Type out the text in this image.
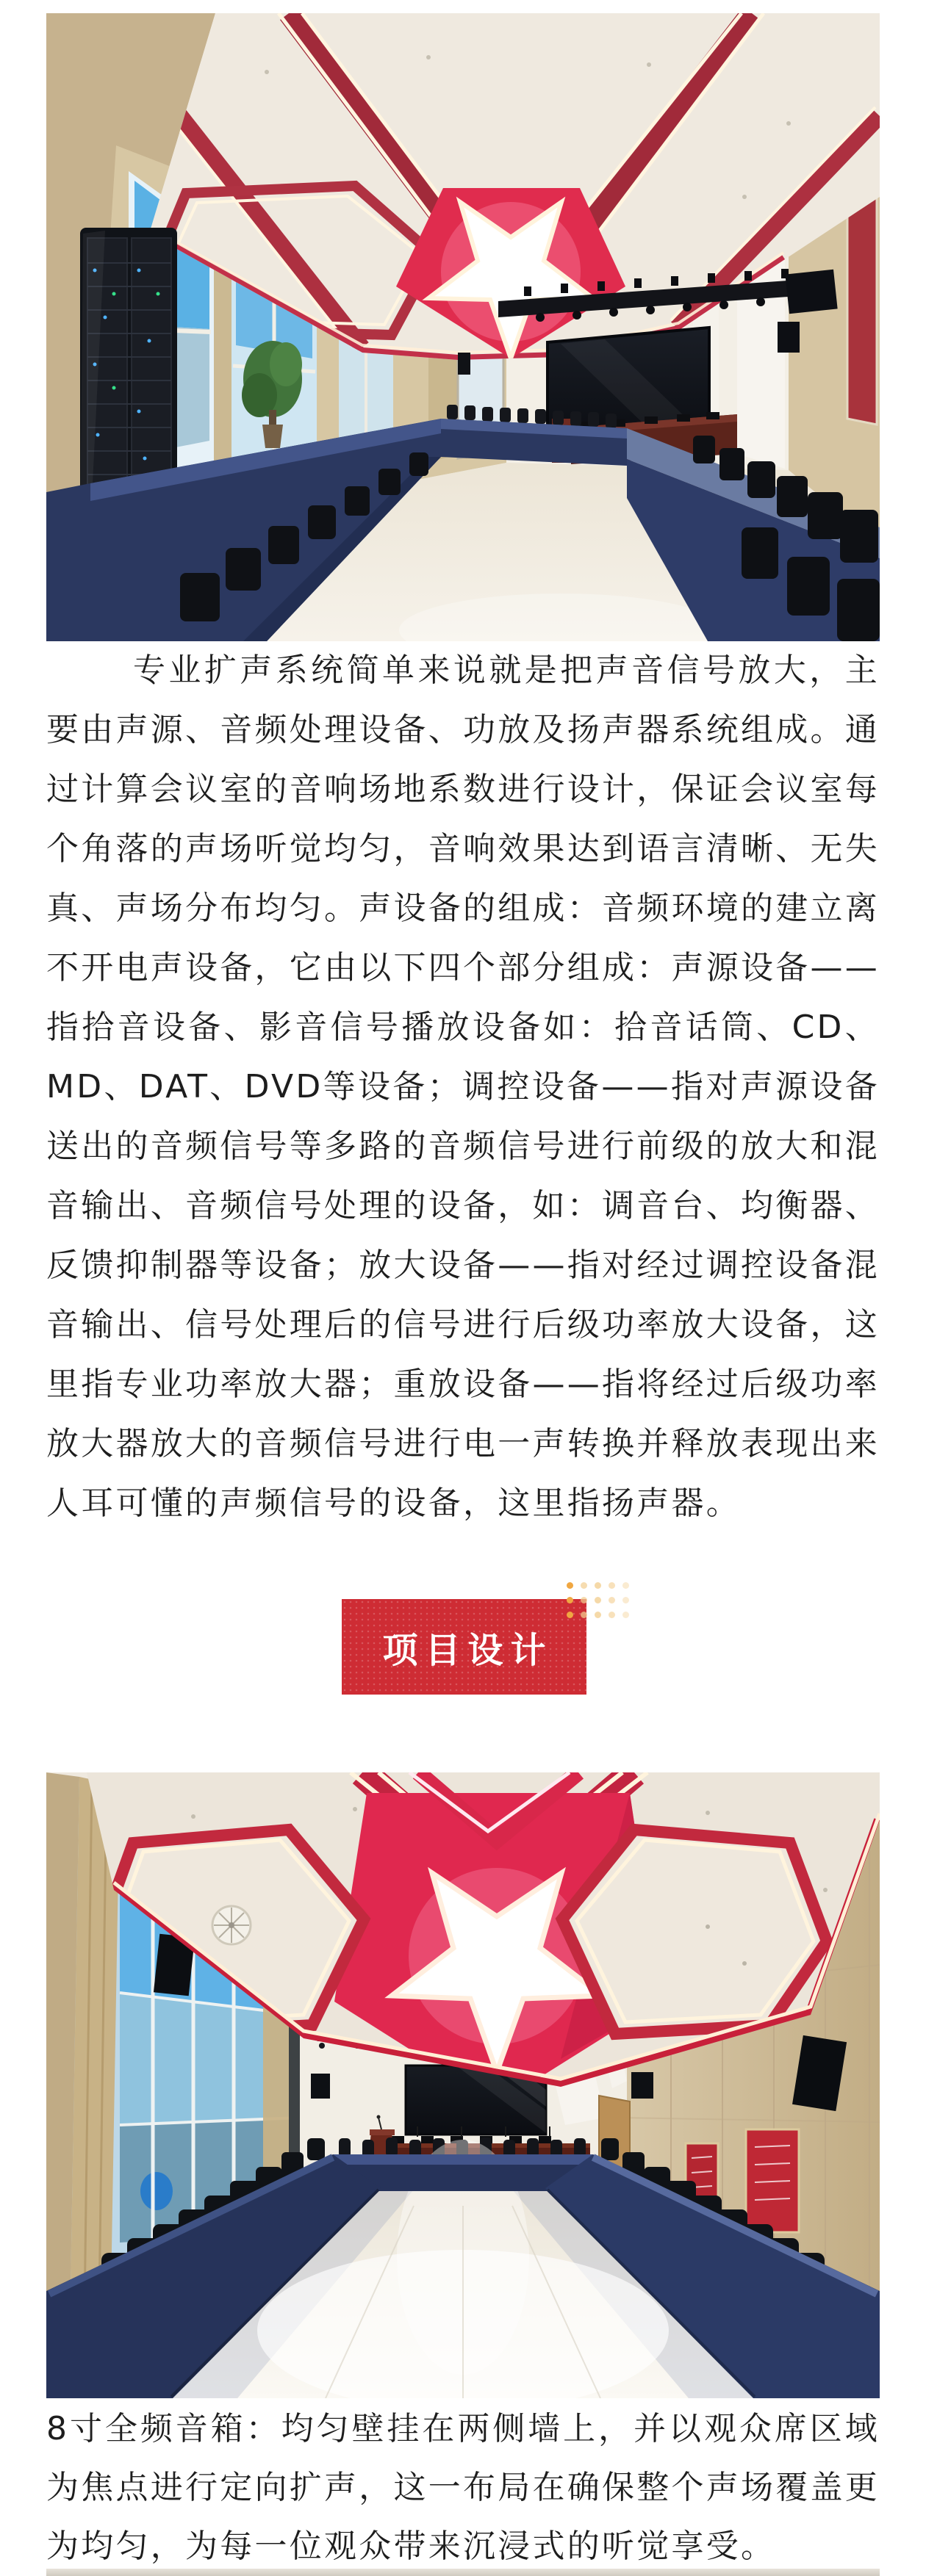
专业扩声系统简单来说就是把声音信号放大，主要由声源、音频处理设备、功放及扬声器系统组成。通过计算会议室的音响场地系数进行设计，保证会议室每个角落的声场听觉均匀，音响效果达到语言清晰、无失真、声场分布均匀。声设备的组成：音频环境的建立离不开电声设备，它由以下四个部分组成：声源设备——指拾音设备、影音信号播放设备如：拾音话筒、CD、MD、DAT、DVD等设备；调控设备——指对声源设备送出的音频信号等多路的音频信号进行前级的放大和混音输出、音频信号处理的设备，如：调音台、均衡器、反馈抑制器等设备；放大设备——指对经过调控设备混音输出、信号处理后的信号进行后级功率放大设备，这里指专业功率放大器；重放设备——指将经过后级功率放大器放大的音频信号进行电一声转换并释放表现出来人耳可懂的声频信号的设备，这里指扬声器。

项目设计

8寸全频音箱：均匀壁挂在两侧墙上，并以观众席区域为焦点进行定向扩声，这一布局在确保整个声场覆盖更为均匀，为每一位观众带来沉浸式的听觉享受。
